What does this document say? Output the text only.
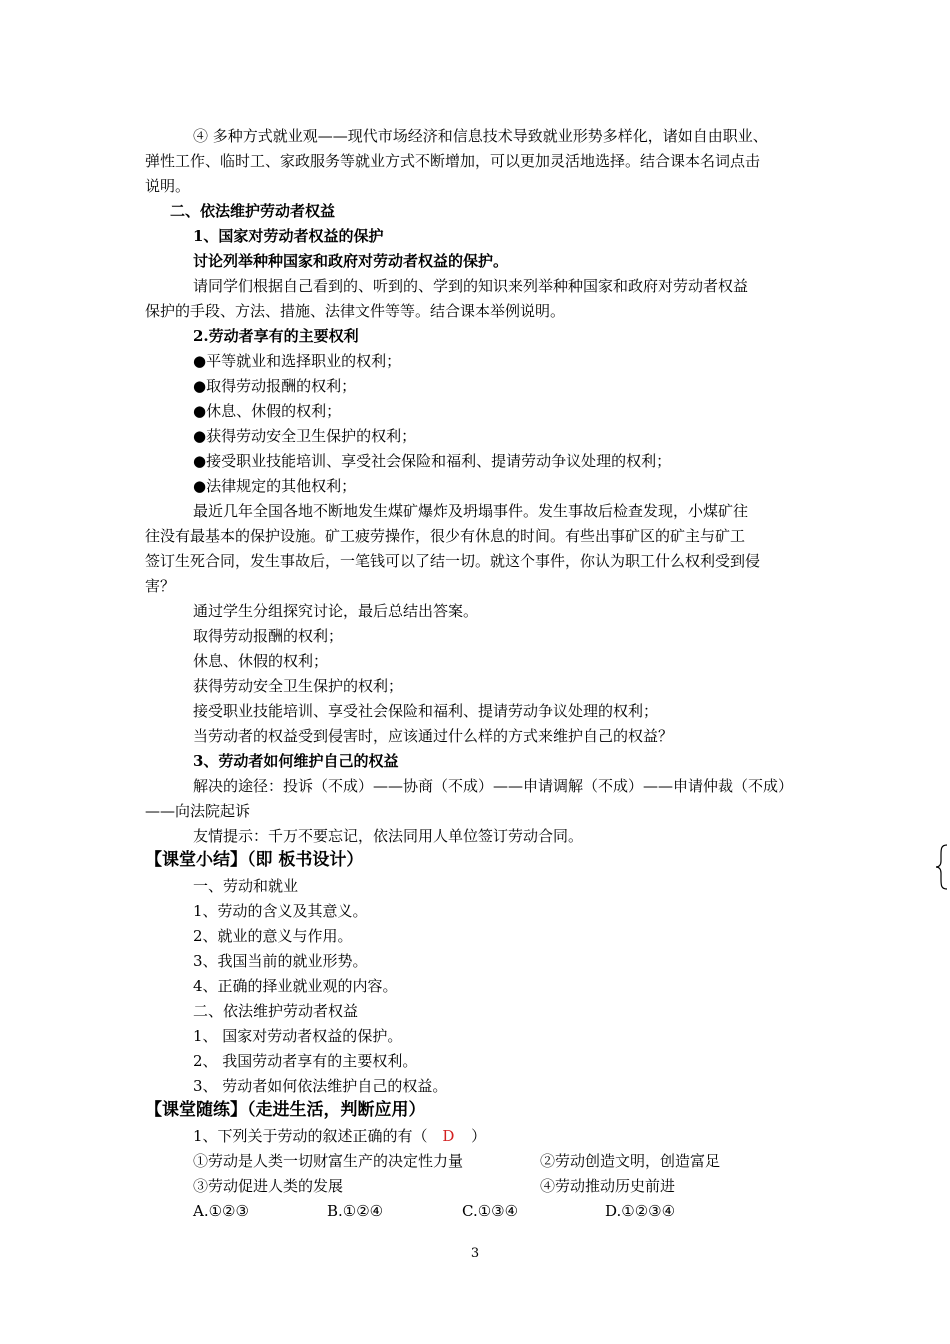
④ 多种方式就业观——现代市场经济和信息技术导致就业形势多样化，诸如自由职业、
弹性工作、临时工、家政服务等就业方式不断增加，可以更加灵活地选择。结合课本名词点击
说明。
二、依法维护劳动者权益
1、国家对劳动者权益的保护
讨论列举种种国家和政府对劳动者权益的保护。
请同学们根据自己看到的、听到的、学到的知识来列举种种国家和政府对劳动者权益
保护的手段、方法、措施、法律文件等等。结合课本举例说明。
2.劳动者享有的主要权利
●平等就业和选择职业的权利；
●取得劳动报酬的权利；
●休息、休假的权利；
●获得劳动安全卫生保护的权利；
●接受职业技能培训、享受社会保险和福利、提请劳动争议处理的权利；
●法律规定的其他权利；
最近几年全国各地不断地发生煤矿爆炸及坍塌事件。发生事故后检查发现，小煤矿往
往没有最基本的保护设施。矿工疲劳操作，很少有休息的时间。有些出事矿区的矿主与矿工
签订生死合同，发生事故后，一笔钱可以了结一切。就这个事件，你认为职工什么权利受到侵
害？
通过学生分组探究讨论，最后总结出答案。
取得劳动报酬的权利；
休息、休假的权利；
获得劳动安全卫生保护的权利；
接受职业技能培训、享受社会保险和福利、提请劳动争议处理的权利；
当劳动者的权益受到侵害时，应该通过什么样的方式来维护自己的权益？
3、劳动者如何维护自己的权益
解决的途径：投诉（不成）——协商（不成）——申请调解（不成）——申请仲裁（不成）
——向法院起诉
友情提示：千万不要忘记，依法同用人单位签订劳动合同。
【课堂小结】（即 板书设计）
一、劳动和就业
1、劳动的含义及其意义。
2、就业的意义与作用。
3、我国当前的就业形势。
4、正确的择业就业观的内容。
二、依法维护劳动者权益
1、 国家对劳动者权益的保护。
2、 我国劳动者享有的主要权利。
3、 劳动者如何依法维护自己的权益。
【课堂随练】（走进生活，判断应用）
1、下列关于劳动的叙述正确的有（ D ）
①劳动是人类一切财富生产的决定性力量	②劳动创造文明，创造富足
③劳动促进人类的发展	④劳动推动历史前进
A.①②③	B.①②④	C.①③④	D.①②③④
3
